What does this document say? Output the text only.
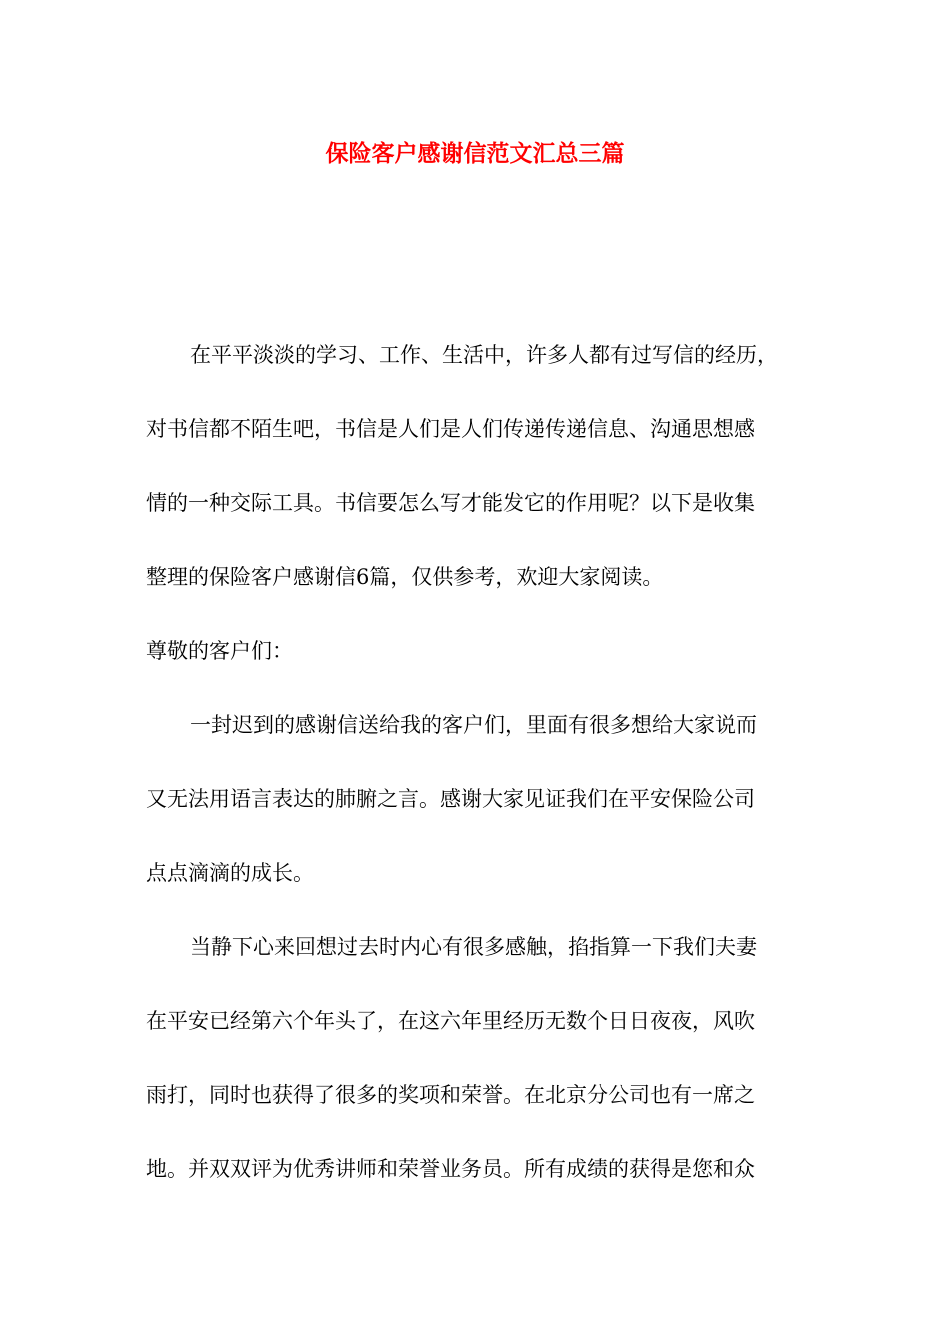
保险客户感谢信范文汇总三篇
在平平淡淡的学习、工作、生活中，许多人都有过写信的经历，
对书信都不陌生吧，书信是人们是人们传递传递信息、沟通思想感
情的一种交际工具。书信要怎么写才能发它的作用呢？以下是收集
整理的保险客户感谢信6篇，仅供参考，欢迎大家阅读。
尊敬的客户们：
一封迟到的感谢信送给我的客户们，里面有很多想给大家说而
又无法用语言表达的肺腑之言。感谢大家见证我们在平安保险公司
点点滴滴的成长。
当静下心来回想过去时内心有很多感触，掐指算一下我们夫妻
在平安已经第六个年头了，在这六年里经历无数个日日夜夜，风吹
雨打，同时也获得了很多的奖项和荣誉。在北京分公司也有一席之
地。并双双评为优秀讲师和荣誉业务员。所有成绩的获得是您和众
